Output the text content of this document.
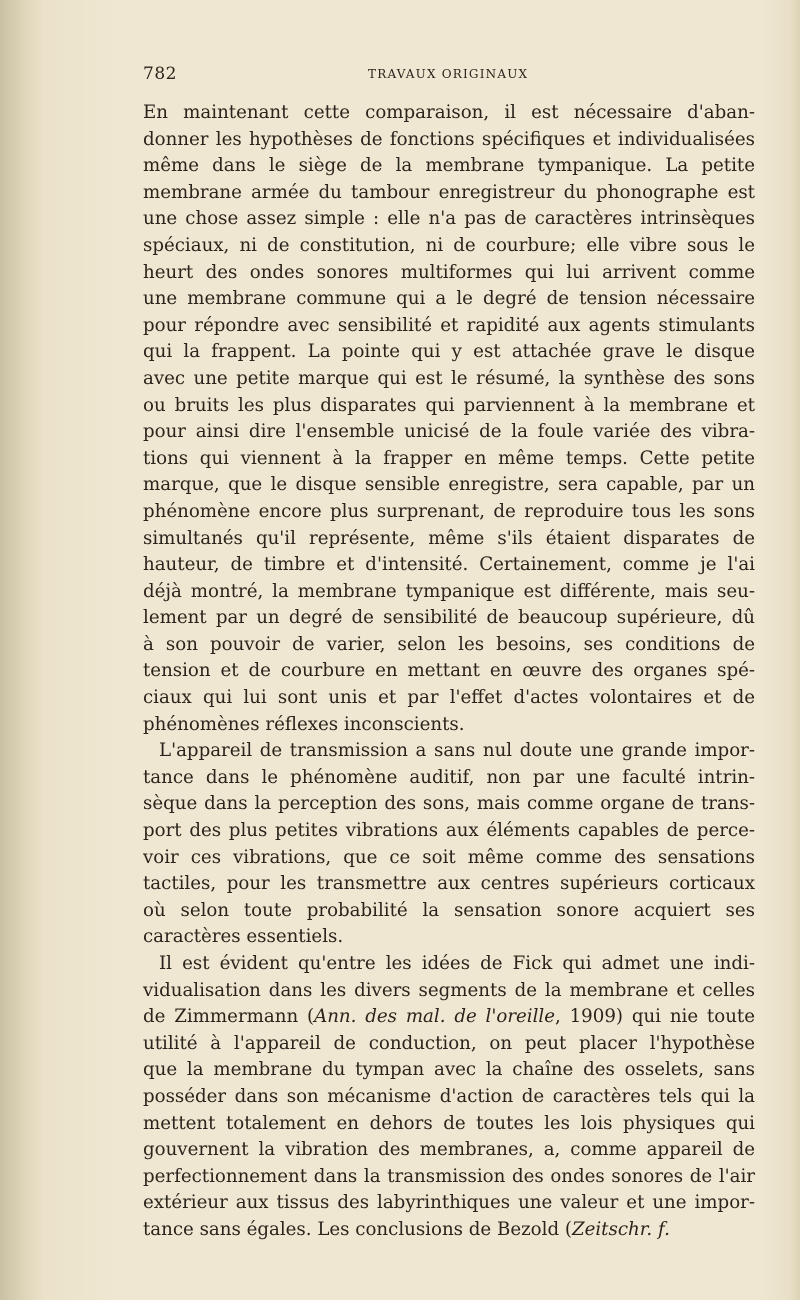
782	TRAVAUX ORIGINAUX
En maintenant cette comparaison, il est nécessaire d'aban-
donner les hypothèses de fonctions spécifiques et individualisées
même dans le siège de la membrane tympanique. La petite
membrane armée du tambour enregistreur du phonographe est
une chose assez simple : elle n'a pas de caractères intrinsèques
spéciaux, ni de constitution, ni de courbure; elle vibre sous le
heurt des ondes sonores multiformes qui lui arrivent comme
une membrane commune qui a le degré de tension nécessaire
pour répondre avec sensibilité et rapidité aux agents stimulants
qui la frappent. La pointe qui y est attachée grave le disque
avec une petite marque qui est le résumé, la synthèse des sons
ou bruits les plus disparates qui parviennent à la membrane et
pour ainsi dire l'ensemble unicisé de la foule variée des vibra-
tions qui viennent à la frapper en même temps. Cette petite
marque, que le disque sensible enregistre, sera capable, par un
phénomène encore plus surprenant, de reproduire tous les sons
simultanés qu'il représente, même s'ils étaient disparates de
hauteur, de timbre et d'intensité. Certainement, comme je l'ai
déjà montré, la membrane tympanique est différente, mais seu-
lement par un degré de sensibilité de beaucoup supérieure, dû
à son pouvoir de varier, selon les besoins, ses conditions de
tension et de courbure en mettant en œuvre des organes spé-
ciaux qui lui sont unis et par l'effet d'actes volontaires et de
phénomènes réflexes inconscients.
L'appareil de transmission a sans nul doute une grande impor-
tance dans le phénomène auditif, non par une faculté intrin-
sèque dans la perception des sons, mais comme organe de trans-
port des plus petites vibrations aux éléments capables de perce-
voir ces vibrations, que ce soit même comme des sensations
tactiles, pour les transmettre aux centres supérieurs corticaux
où selon toute probabilité la sensation sonore acquiert ses
caractères essentiels.
Il est évident qu'entre les idées de Fick qui admet une indi-
vidualisation dans les divers segments de la membrane et celles
de Zimmermann (Ann. des mal. de l'oreille, 1909) qui nie toute
utilité à l'appareil de conduction, on peut placer l'hypothèse
que la membrane du tympan avec la chaîne des osselets, sans
posséder dans son mécanisme d'action de caractères tels qui la
mettent totalement en dehors de toutes les lois physiques qui
gouvernent la vibration des membranes, a, comme appareil de
perfectionnement dans la transmission des ondes sonores de l'air
extérieur aux tissus des labyrinthiques une valeur et une impor-
tance sans égales. Les conclusions de Bezold (Zeitschr. f.
